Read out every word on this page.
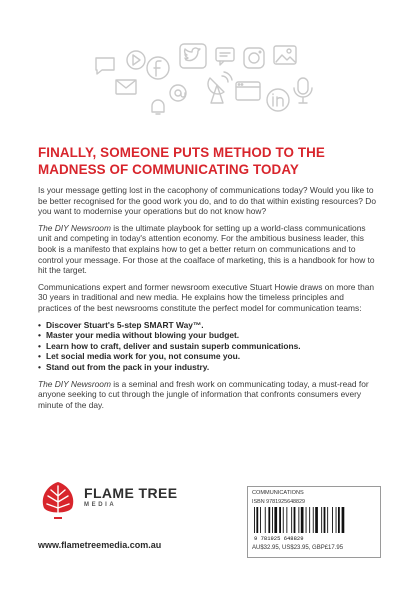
FINALLY, SOMEONE PUTS METHOD TO THE
MADNESS OF COMMUNICATING TODAY

Is your message getting lost in the cacophony of communications today? Would you like to be better recognised for the good work you do, and to do that within existing resources? Do you want to modernise your operations but do not know how?

The DIY Newsroom is the ultimate playbook for setting up a world-class communications unit and competing in today's attention economy. For the ambitious business leader, this book is a manifesto that explains how to get a better return on communications and to control your message. For those at the coalface of marketing, this is a handbook for how to hit the target.

Communications expert and former newsroom executive Stuart Howie draws on more than 30 years in traditional and new media. He explains how the timeless principles and practices of the best newsrooms constitute the perfect model for communication teams:

• Discover Stuart's 5-step SMART Way™.
• Master your media without blowing your budget.
• Learn how to craft, deliver and sustain superb communications.
• Let social media work for you, not consume you.
• Stand out from the pack in your industry.

The DIY Newsroom is a seminal and fresh work on communicating today, a must-read for anyone seeking to cut through the jungle of information that confronts consumers every minute of the day.

FLAME TREE
MEDIA
www.flametreemedia.com.au
COMMUNICATIONS
ISBN 9781925648829
9 781925 648829
AU$32.95, US$23.95, GBP£17.95
